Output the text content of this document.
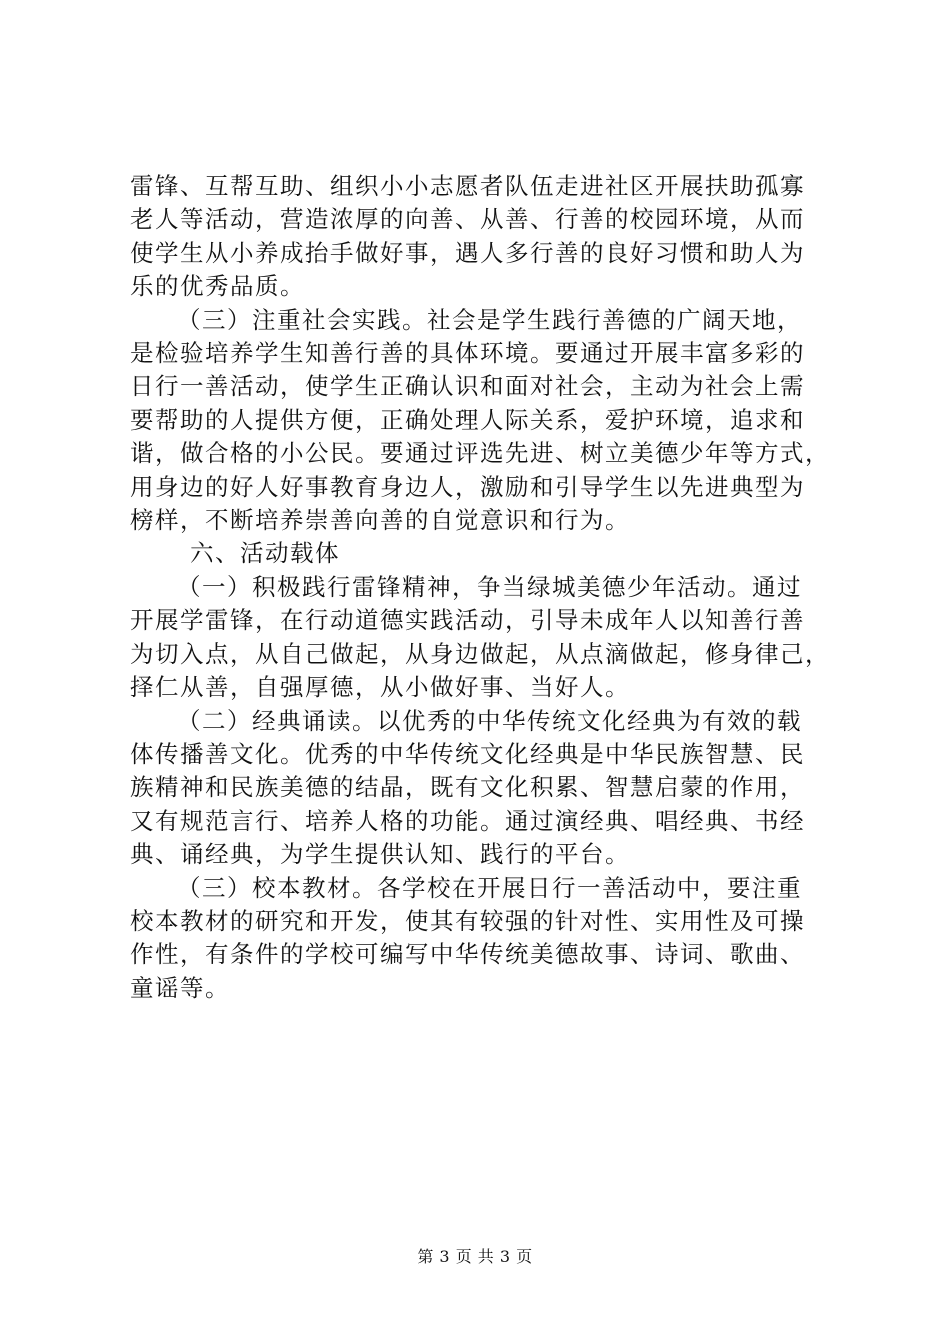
雷锋、互帮互助、组织小小志愿者队伍走进社区开展扶助孤寡
老人等活动，营造浓厚的向善、从善、行善的校园环境，从而
使学生从小养成抬手做好事，遇人多行善的良好习惯和助人为
乐的优秀品质。
（三）注重社会实践。社会是学生践行善德的广阔天地，
是检验培养学生知善行善的具体环境。要通过开展丰富多彩的
日行一善活动，使学生正确认识和面对社会，主动为社会上需
要帮助的人提供方便，正确处理人际关系，爱护环境，追求和
谐，做合格的小公民。要通过评选先进、树立美德少年等方式，
用身边的好人好事教育身边人，激励和引导学生以先进典型为
榜样，不断培养崇善向善的自觉意识和行为。
六、活动载体
（一）积极践行雷锋精神，争当绿城美德少年活动。通过
开展学雷锋，在行动道德实践活动，引导未成年人以知善行善
为切入点，从自己做起，从身边做起，从点滴做起，修身律己，
择仁从善，自强厚德，从小做好事、当好人。
（二）经典诵读。以优秀的中华传统文化经典为有效的载
体传播善文化。优秀的中华传统文化经典是中华民族智慧、民
族精神和民族美德的结晶，既有文化积累、智慧启蒙的作用，
又有规范言行、培养人格的功能。通过演经典、唱经典、书经
典、诵经典，为学生提供认知、践行的平台。
（三）校本教材。各学校在开展日行一善活动中，要注重
校本教材的研究和开发，使其有较强的针对性、实用性及可操
作性，有条件的学校可编写中华传统美德故事、诗词、歌曲、
童谣等。
第 3 页 共 3 页
